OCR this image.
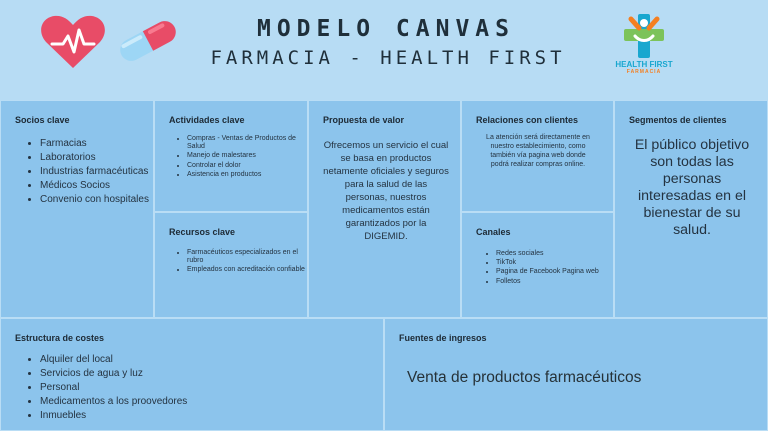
HEALTH FIRST
FARMACIA
MODELO CANVAS
FARMACIA - HEALTH FIRST
Socios clave
• Farmacias
• Laboratorios
• Industrias farmacéuticas
• Médicos Socios
• Convenio con hospitales
Actividades clave
• Compras - Ventas de Productos de Salud
• Manejo de malestares
• Controlar el dolor
• Asistencia en productos
Recursos clave
• Farmacéuticos especializados en el rubro
• Empleados con acreditación confiable
Propuesta de valor
Ofrecemos un servicio el cual se basa en productos netamente oficiales y seguros para la salud de las personas, nuestros medicamentos están garantizados por la DIGEMID.
Relaciones con clientes
La atención será directamente en nuestro establecimiento, como también vía pagina web donde podrá realizar compras online.
Canales
• Redes sociales
• TikTok
• Pagina de Facebook Pagina web
• Folletos
Segmentos de clientes
El público objetivo son todas las personas interesadas en el bienestar de su salud.
Estructura de costes
• Alquiler del local
• Servicios de agua y luz
• Personal
• Medicamentos a los proovedores
• Inmuebles
Fuentes de ingresos
Venta de productos farmacéuticos
